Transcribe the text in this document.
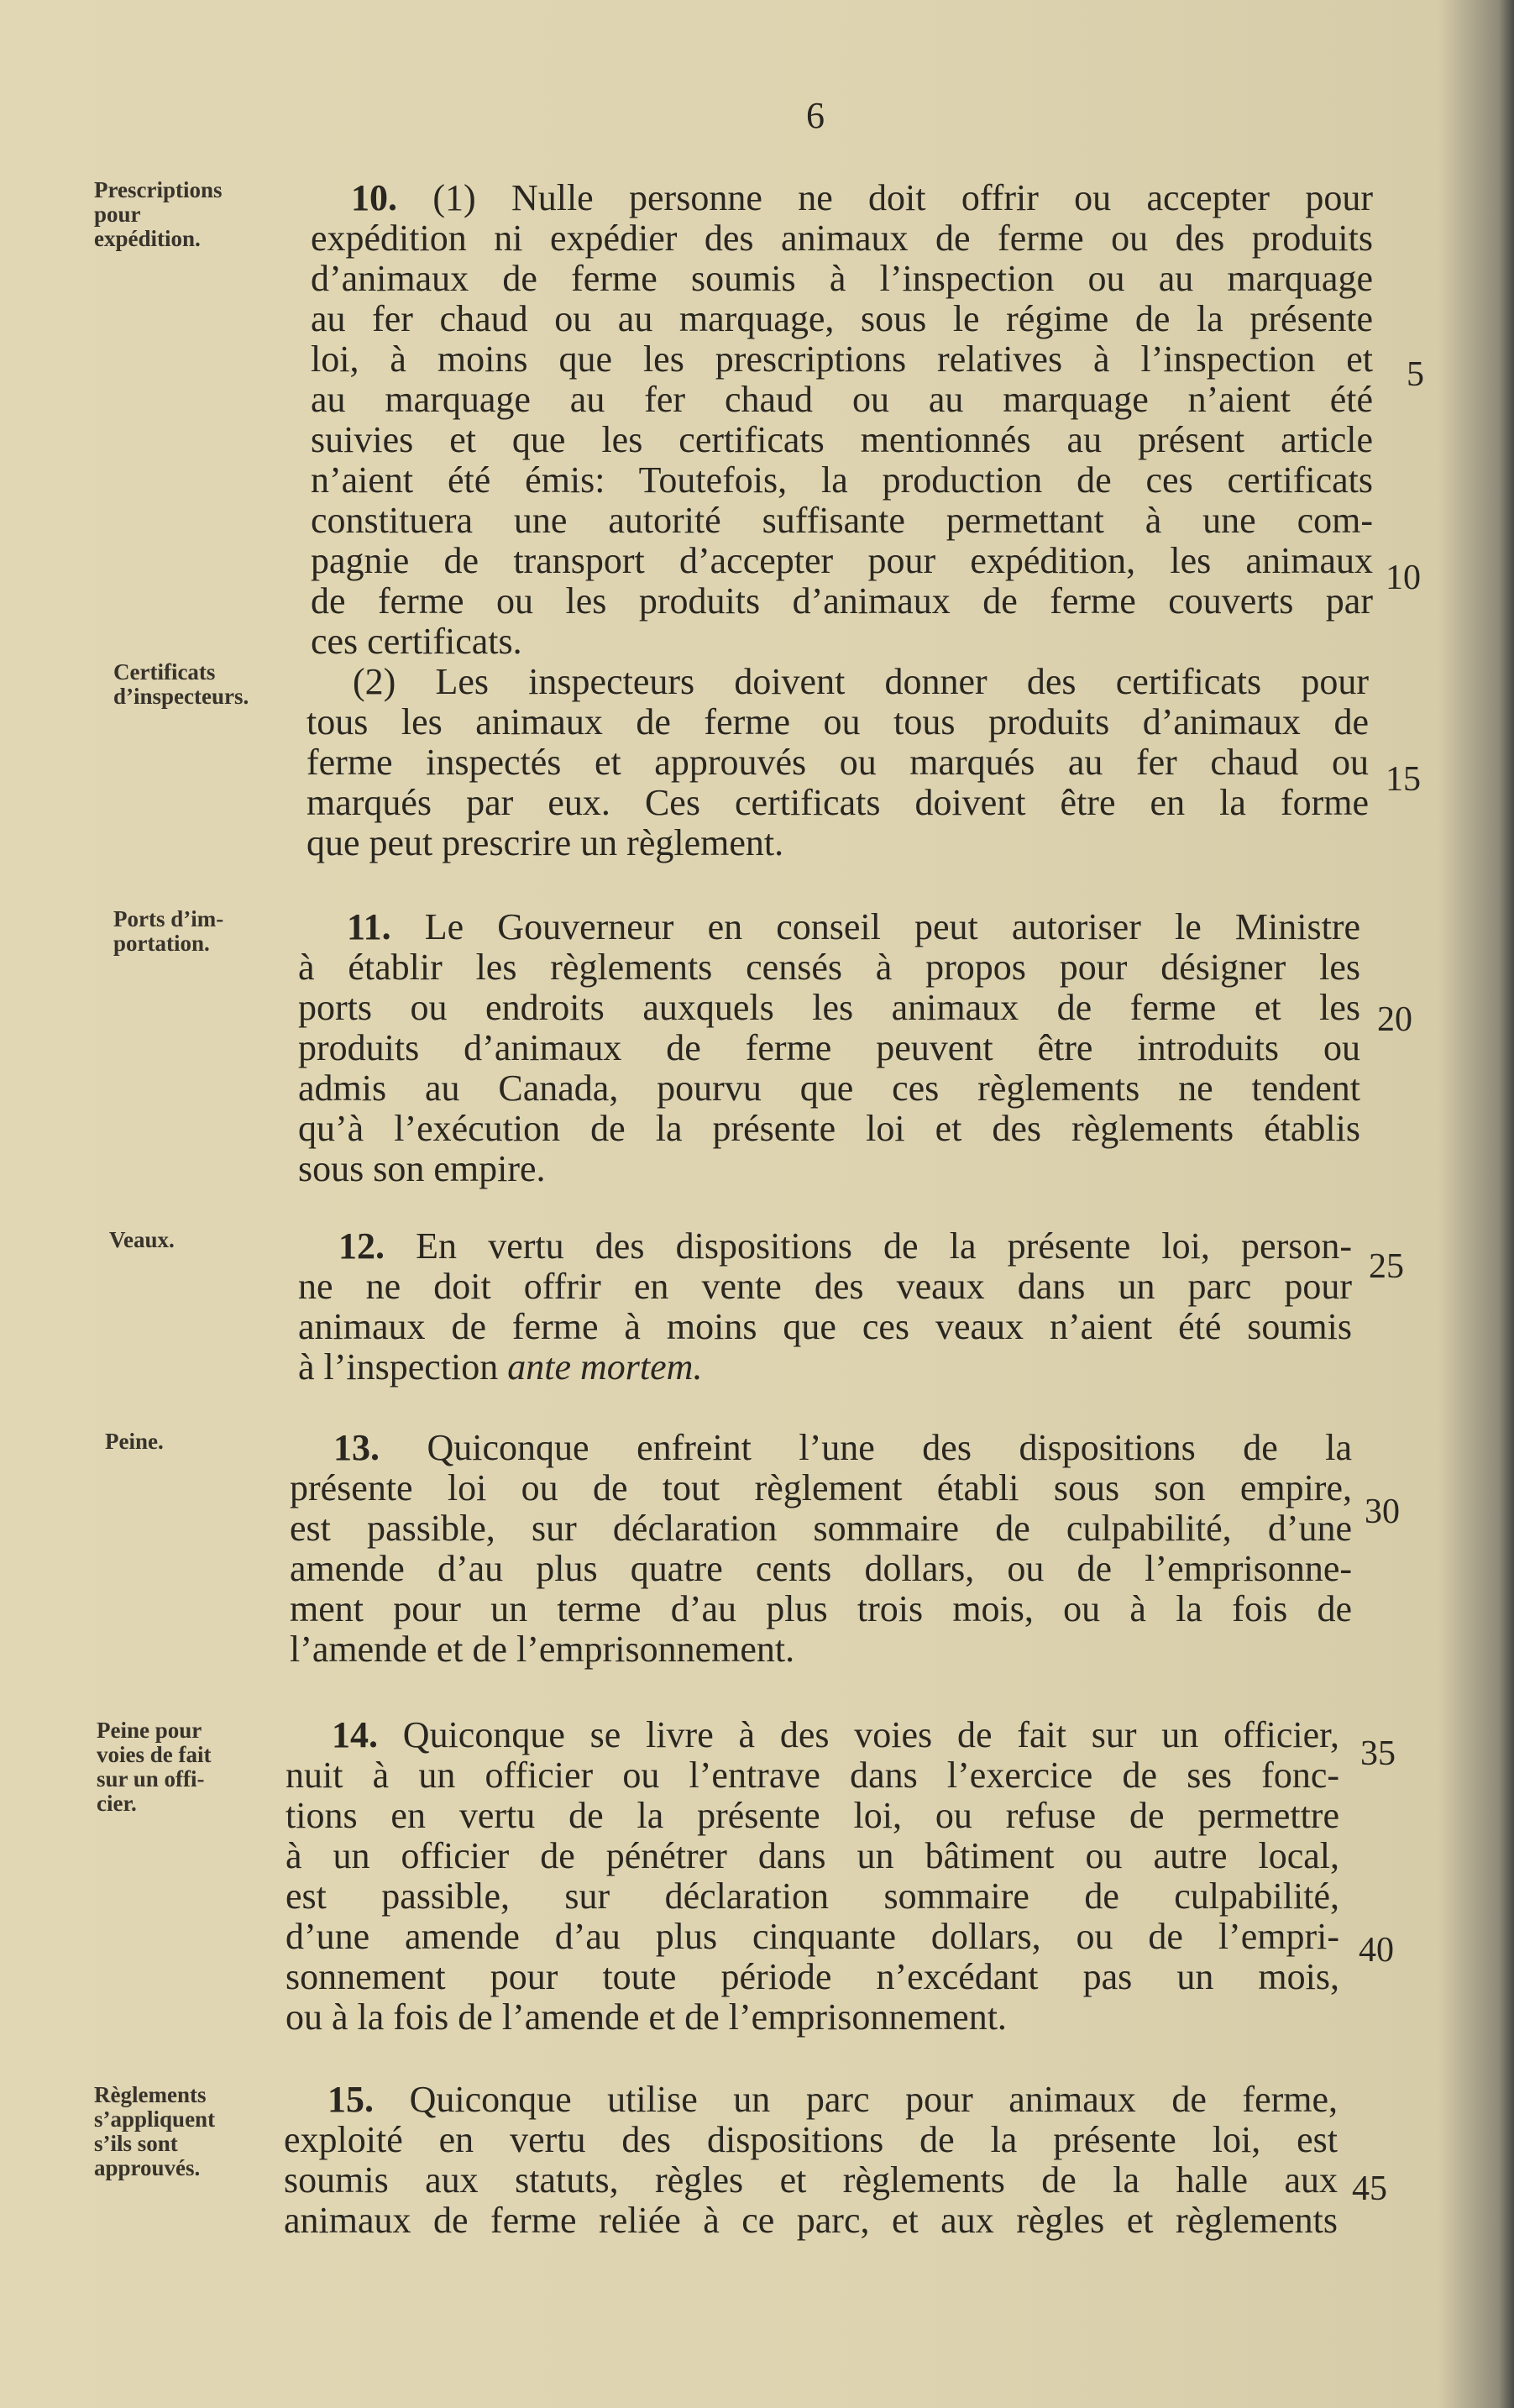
6
Prescriptions
pour
expédition.
10. (1) Nulle personne ne doit offrir ou accepter pour
expédition ni expédier des animaux de ferme ou des produits
d’animaux de ferme soumis à l’inspection ou au marquage
au fer chaud ou au marquage, sous le régime de la présente
loi, à moins que les prescriptions relatives à l’inspection et
au marquage au fer chaud ou au marquage n’aient été
suivies et que les certificats mentionnés au présent article
n’aient été émis: Toutefois, la production de ces certificats
constituera une autorité suffisante permettant à une com-
pagnie de transport d’accepter pour expédition, les animaux
de ferme ou les produits d’animaux de ferme couverts par
ces certificats.
Certificats
d’inspecteurs.	(2) Les inspecteurs doivent donner des certificats pour
tous les animaux de ferme ou tous produits d’animaux de
ferme inspectés et approuvés ou marqués au fer chaud ou
marqués par eux. Ces certificats doivent être en la forme
que peut prescrire un règlement.
Ports d’im-
portation.	11. Le Gouverneur en conseil peut autoriser le Ministre
à établir les règlements censés à propos pour désigner les
ports ou endroits auxquels les animaux de ferme et les
produits d’animaux de ferme peuvent être introduits ou
admis au Canada, pourvu que ces règlements ne tendent
qu’à l’exécution de la présente loi et des règlements établis
sous son empire.
Veaux.	12. En vertu des dispositions de la présente loi, person-
ne ne doit offrir en vente des veaux dans un parc pour
animaux de ferme à moins que ces veaux n’aient été soumis
à l’inspection ante mortem.
Peine.	13. Quiconque enfreint l’une des dispositions de la
présente loi ou de tout règlement établi sous son empire,
est passible, sur déclaration sommaire de culpabilité, d’une
amende d’au plus quatre cents dollars, ou de l’emprisonne-
ment pour un terme d’au plus trois mois, ou à la fois de
l’amende et de l’emprisonnement.
Peine pour
voies de fait
sur un offi-
cier.
14. Quiconque se livre à des voies de fait sur un officier,
nuit à un officier ou l’entrave dans l’exercice de ses fonc-
tions en vertu de la présente loi, ou refuse de permettre
à un officier de pénétrer dans un bâtiment ou autre local,
est passible, sur déclaration sommaire de culpabilité,
d’une amende d’au plus cinquante dollars, ou de l’empri-
sonnement pour toute période n’excédant pas un mois,
ou à la fois de l’amende et de l’emprisonnement.
Règlements
s’appliquent
s’ils sont
approuvés.
15. Quiconque utilise un parc pour animaux de ferme,
exploité en vertu des dispositions de la présente loi, est
soumis aux statuts, règles et règlements de la halle aux
animaux de ferme reliée à ce parc, et aux règles et règlements
5
10
15
20
25
30
35
40
45
